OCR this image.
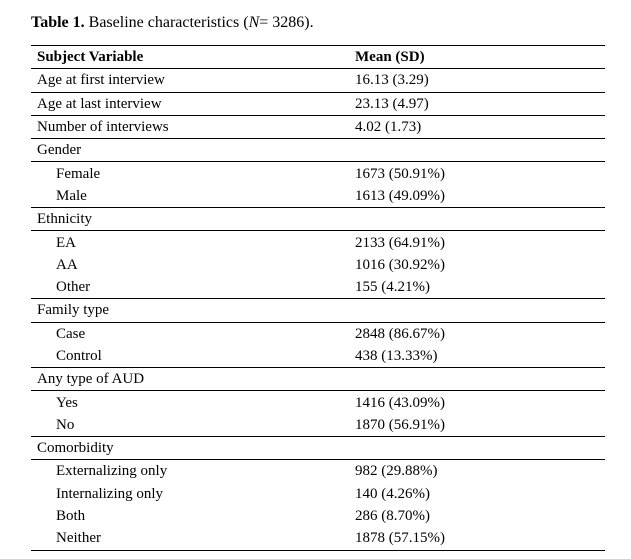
Table 1. Baseline characteristics (N= 3286).
Subject Variable	Mean (SD)
Age at first interview	16.13 (3.29)
Age at last interview	23.13 (4.97)
Number of interviews	4.02 (1.73)
Gender	
Female	1673 (50.91%)
Male	1613 (49.09%)
Ethnicity	
EA	2133 (64.91%)
AA	1016 (30.92%)
Other	155 (4.21%)
Family type	
Case	2848 (86.67%)
Control	438 (13.33%)
Any type of AUD	
Yes	1416 (43.09%)
No	1870 (56.91%)
Comorbidity	
Externalizing only	982 (29.88%)
Internalizing only	140 (4.26%)
Both	286 (8.70%)
Neither	1878 (57.15%)
